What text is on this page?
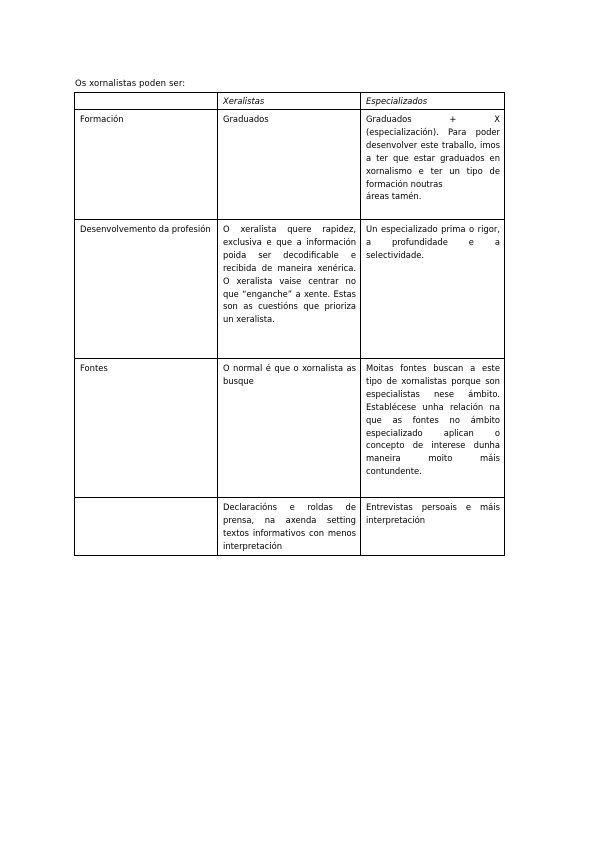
Os xornalistas poden ser:
	Xeralistas	Especializados
Formación	Graduados	Graduados + X (especialización). Para poder desenvolver este traballo, imos a ter que estar graduados en xornalismo e ter un tipo de formación noutras
áreas tamén.
Desenvolvemento da profesión	O xeralista quere rapidez, exclusiva e que a información poida ser decodificable e recibida de maneira xenérica. O xeralista vaise centrar no que “enganche” a xente. Estas son as cuestións que prioriza un xeralista.	Un especializado prima o rigor, a profundidade e a selectividade.
Fontes	O normal é que o xornalista as busque	Moitas fontes buscan a este tipo de xornalistas porque son especialistas nese ámbito. Establécese unha relación na que as fontes no ámbito especializado aplican o concepto de interese dunha maneira moito máis contundente.
	Declaracións e roldas de prensa, na axenda setting textos informativos con menos interpretación	Entrevistas persoais e máis interpretación
